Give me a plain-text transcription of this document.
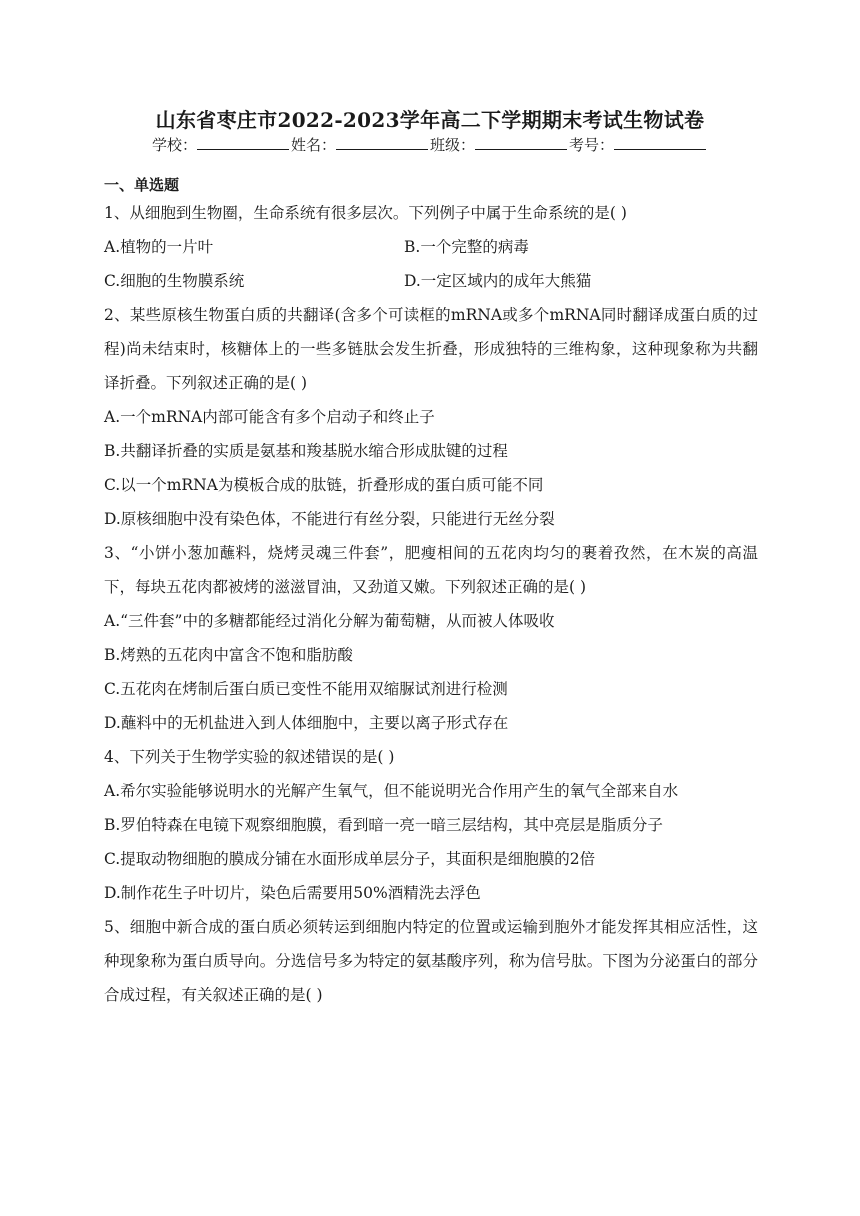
山东省枣庄市2022-2023学年高二下学期期末考试生物试卷
学校：	姓名：	班级：	考号：
一、单选题

1、从细胞到生物圈，生命系统有很多层次。下列例子中属于生命系统的是( )

A.植物的一片叶	B.一个完整的病毒
C.细胞的生物膜系统	D.一定区域内的成年大熊猫

2、某些原核生物蛋白质的共翻译(含多个可读框的mRNA或多个mRNA同时翻译成蛋白质的过程)尚未结束时，核糖体上的一些多链肽会发生折叠，形成独特的三维构象，这种现象称为共翻译折叠。下列叙述正确的是( )

A.一个mRNA内部可能含有多个启动子和终止子
B.共翻译折叠的实质是氨基和羧基脱水缩合形成肽键的过程
C.以一个mRNA为模板合成的肽链，折叠形成的蛋白质可能不同
D.原核细胞中没有染色体，不能进行有丝分裂，只能进行无丝分裂

3、“小饼小葱加蘸料，烧烤灵魂三件套”，肥瘦相间的五花肉均匀的裹着孜然，在木炭的高温下，每块五花肉都被烤的滋滋冒油，又劲道又嫩。下列叙述正确的是( )

A.“三件套”中的多糖都能经过消化分解为葡萄糖，从而被人体吸收
B.烤熟的五花肉中富含不饱和脂肪酸
C.五花肉在烤制后蛋白质已变性不能用双缩脲试剂进行检测
D.蘸料中的无机盐进入到人体细胞中，主要以离子形式存在

4、下列关于生物学实验的叙述错误的是( )

A.希尔实验能够说明水的光解产生氧气，但不能说明光合作用产生的氧气全部来自水
B.罗伯特森在电镜下观察细胞膜，看到暗一亮一暗三层结构，其中亮层是脂质分子
C.提取动物细胞的膜成分铺在水面形成单层分子，其面积是细胞膜的2倍
D.制作花生子叶切片，染色后需要用50%酒精洗去浮色

5、细胞中新合成的蛋白质必须转运到细胞内特定的位置或运输到胞外才能发挥其相应活性，这种现象称为蛋白质导向。分选信号多为特定的氨基酸序列，称为信号肽。下图为分泌蛋白的部分合成过程，有关叙述正确的是( )
